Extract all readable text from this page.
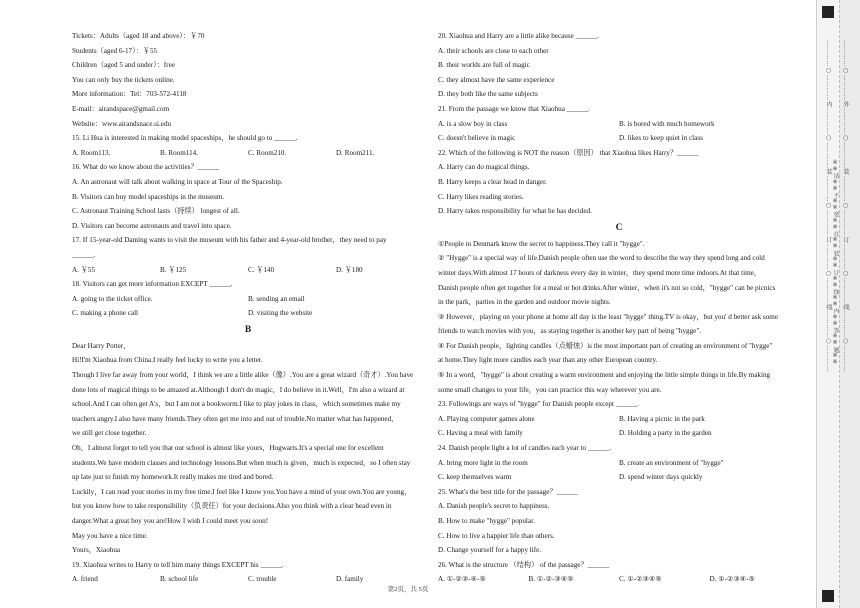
Tickets：Adults（aged 18 and above）：￥70
Students（aged 6-17）：￥55
Children（aged 5 and under）：free
You can only buy the tickets online.
More information：Tel：703-572-4118
E-mail：airandspace@gmail.com
Website：www.airandsnace.si.edu
15. Li Hua is interested in making model spaceships，he should go to ______.
A. Room113.	B. Room114.	C. Room210.	D. Room211.
16. What do we know about the activities？______
A. An astronaut will talk about walking in space at Tour of the Spaceship.
B. Visitors can buy model spaceships in the museum.
C. Astronaut Training School lasts（持续） longest of all.
D. Visitors can become astronauts and travel into space.
17. If 15-year-old Daming wants to visit the museum with his father and 4-year-old brother，they need to pay
______.
A. ￥55	B. ￥125	C. ￥140	D. ￥180
18. Visitors can get more information EXCEPT ______.
A. going to the ticket office.	B. sending an email
C. making a phone call	D. visiting the website
B
Dear Harry Potter，
Hi!I'm Xiaohua from China.I really feel lucky to write you a letter.
Though I live far away from your world，I think we are a little alike（像）.You are a great wizard（奇才）.You have
done lots of magical things to be amazed at.Although I don't do magic，I do believe in it.Well，I'm also a wizard at
school.And I can often get A's，but I am not a bookworm.I like to play jokes in class，which sometimes make my
teachers angry.I also have many friends.They often get me into and out of trouble.No matter what has happened，
we still get close together.
Oh，I almost forget to tell you that our school is almost like yours，Hogwarts.It's a special one for excellent
students.We have modern classes and technology lessons.But when much is given，much is expected，so I often stay
up late just to finish my homework.It really makes me tired and bored.
Luckily，I can read your stories in my free time.I feel like I know you.You have a mind of your own.You are young，
but you know how to take responsibility（负责任）for your decisions.Also you think with a clear head even in
danger.What a great boy you are!How I wish I could meet you soon!
May you have a nice time.
Yours，Xiaohua
19. Xiaohua writes to Harry to tell him many things EXCEPT his ______.
A. friend	B. school life	C. trouble	D. family
20. Xiaohua and Harry are a little alike because ______.
A. their schools are close to each other
B. their worlds are full of magic
C. they almost have the same experience
D. they both like the same subjects
21. From the passage we know that Xiaohua ______.
A. is a slow boy in class	B. is bored with much homework
C. doesn't believe in magic	D. likes to keep quiet in class
22. Which of the following is NOT the reason（原因） that Xiaohua likes Harry？______
A. Harry can do magical things.
B. Harry keeps a clear head in danger.
C. Harry likes reading stories.
D. Harry takes responsibility for what he has decided.
C
①People in Denmark know the secret to happiness.They call it "hygge".
② "Hygge" is a special way of life.Danish people often use the word to describe the way they spend long and cold
winter days.With almost 17 hours of darkness every day in winter，they spend more time indoors.At that time，
Danish people often get together for a meal or hot drinks.After winter，when it's not so cold，"hygge" can be picnics
in the park，parties in the garden and outdoor movie nights.
③ However，playing on your phone at home all day is the least "hygge" thing.TV is okay，but you' d better ask some
friends to watch movies with you，as staying together is another key part of being "hygge".
④ For Danish people，lighting candles（点蜡烛）is the most important part of creating an environment of "hygge"
at home.They light more candles each year than any other European country.
⑤ In a word，"hygge" is about creating a warm environment and enjoying the little simple things in life.By making
some small changes to your life，you can practice this way wherever you are.
23. Followings are ways of "hygge" for Danish people except ______.
A. Playing computer games alone	B. Having a picnic in the park
C. Having a meal with family	D. Holding a party in the garden
24. Danish people light a lot of candles each year to ______.
A. bring more light in the room	B. create an environment of "hygge"
C. keep themselves warm	D. spend winter days quickly
25. What's the best title for the passage？______
A. Danish people's secret to happiness.
B. How to make "hygge" popular.
C. How to live a happier life than others.
D. Change yourself for a happy life.
26. What is the structure （结构） of the passage？______
A. ①-②③-④-⑤	B. ①-②-③④⑤	C. ①-②③④⑤	D. ①-②③④-⑤
第2页，共 5页
…………○…………内…………○…………装…………○…………订…………○…………线…………○………… …………○…………外…………○…………装…………○…………订…………○…………线…………○…………
※※请※※不※※要※※在※※装※※订※※线※※内※※答※※题※※
